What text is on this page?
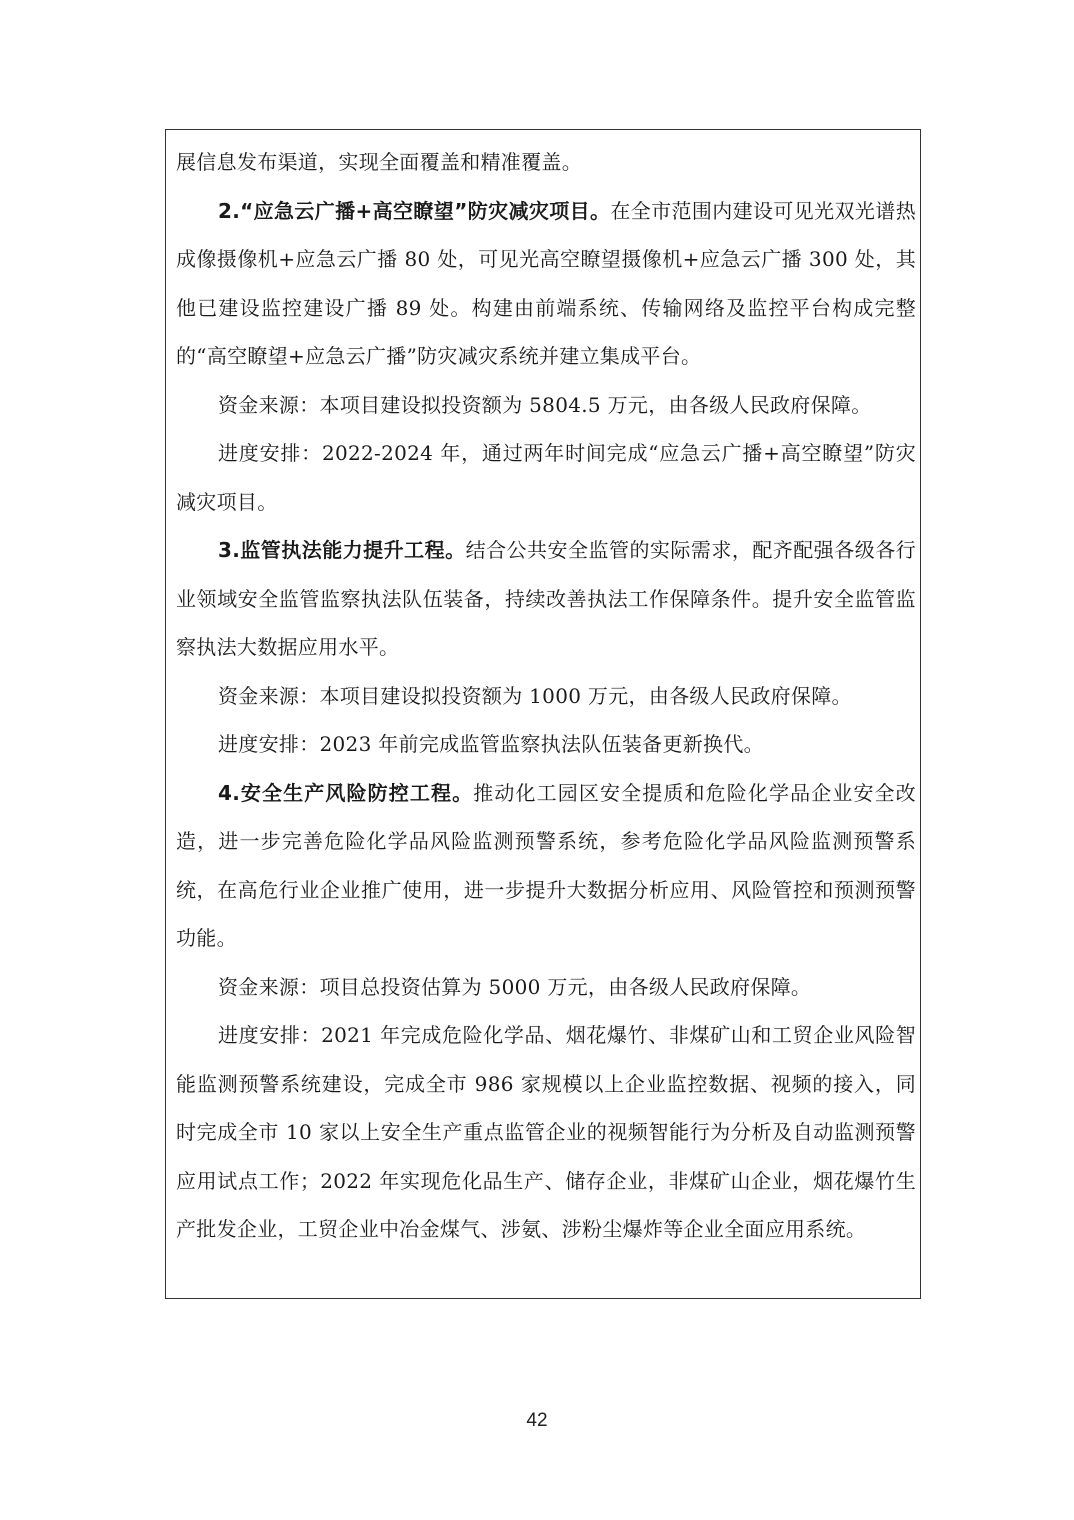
展信息发布渠道，实现全面覆盖和精准覆盖。

2.“应急云广播+高空瞭望”防灾减灾项目。在全市范围内建设可见光双光谱热成像摄像机+应急云广播 80 处，可见光高空瞭望摄像机+应急云广播 300 处，其他已建设监控建设广播 89 处。构建由前端系统、传输网络及监控平台构成完整的“高空瞭望+应急云广播”防灾减灾系统并建立集成平台。

资金来源：本项目建设拟投资额为 5804.5 万元，由各级人民政府保障。

进度安排：2022-2024 年，通过两年时间完成“应急云广播+高空瞭望”防灾减灾项目。

3.监管执法能力提升工程。结合公共安全监管的实际需求，配齐配强各级各行业领域安全监管监察执法队伍装备，持续改善执法工作保障条件。提升安全监管监察执法大数据应用水平。

资金来源：本项目建设拟投资额为 1000 万元，由各级人民政府保障。

进度安排：2023 年前完成监管监察执法队伍装备更新换代。

4.安全生产风险防控工程。推动化工园区安全提质和危险化学品企业安全改造，进一步完善危险化学品风险监测预警系统，参考危险化学品风险监测预警系统，在高危行业企业推广使用，进一步提升大数据分析应用、风险管控和预测预警功能。

资金来源：项目总投资估算为 5000 万元，由各级人民政府保障。

进度安排：2021 年完成危险化学品、烟花爆竹、非煤矿山和工贸企业风险智能监测预警系统建设，完成全市 986 家规模以上企业监控数据、视频的接入，同时完成全市 10 家以上安全生产重点监管企业的视频智能行为分析及自动监测预警应用试点工作；2022 年实现危化品生产、储存企业，非煤矿山企业，烟花爆竹生产批发企业，工贸企业中冶金煤气、涉氨、涉粉尘爆炸等企业全面应用系统。

42
